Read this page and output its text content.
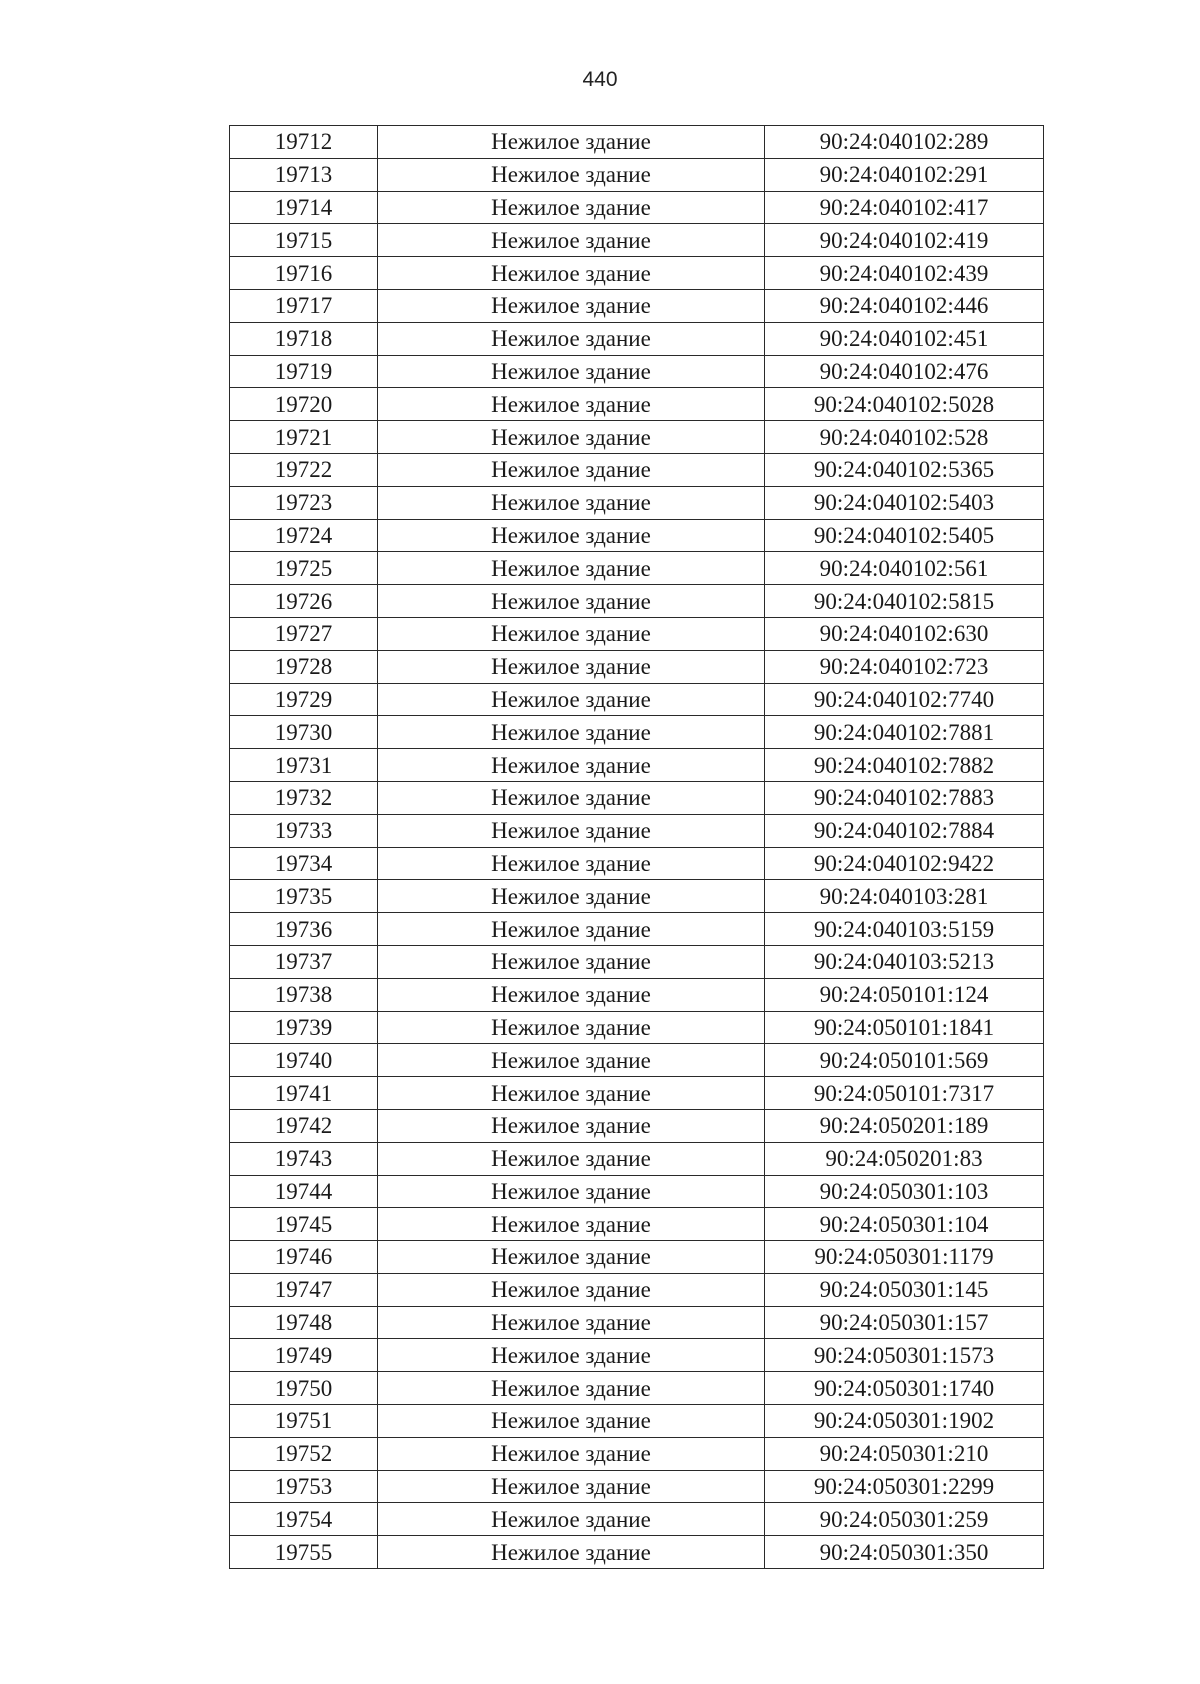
440
19712	Нежилое здание	90:24:040102:289
19713	Нежилое здание	90:24:040102:291
19714	Нежилое здание	90:24:040102:417
19715	Нежилое здание	90:24:040102:419
19716	Нежилое здание	90:24:040102:439
19717	Нежилое здание	90:24:040102:446
19718	Нежилое здание	90:24:040102:451
19719	Нежилое здание	90:24:040102:476
19720	Нежилое здание	90:24:040102:5028
19721	Нежилое здание	90:24:040102:528
19722	Нежилое здание	90:24:040102:5365
19723	Нежилое здание	90:24:040102:5403
19724	Нежилое здание	90:24:040102:5405
19725	Нежилое здание	90:24:040102:561
19726	Нежилое здание	90:24:040102:5815
19727	Нежилое здание	90:24:040102:630
19728	Нежилое здание	90:24:040102:723
19729	Нежилое здание	90:24:040102:7740
19730	Нежилое здание	90:24:040102:7881
19731	Нежилое здание	90:24:040102:7882
19732	Нежилое здание	90:24:040102:7883
19733	Нежилое здание	90:24:040102:7884
19734	Нежилое здание	90:24:040102:9422
19735	Нежилое здание	90:24:040103:281
19736	Нежилое здание	90:24:040103:5159
19737	Нежилое здание	90:24:040103:5213
19738	Нежилое здание	90:24:050101:124
19739	Нежилое здание	90:24:050101:1841
19740	Нежилое здание	90:24:050101:569
19741	Нежилое здание	90:24:050101:7317
19742	Нежилое здание	90:24:050201:189
19743	Нежилое здание	90:24:050201:83
19744	Нежилое здание	90:24:050301:103
19745	Нежилое здание	90:24:050301:104
19746	Нежилое здание	90:24:050301:1179
19747	Нежилое здание	90:24:050301:145
19748	Нежилое здание	90:24:050301:157
19749	Нежилое здание	90:24:050301:1573
19750	Нежилое здание	90:24:050301:1740
19751	Нежилое здание	90:24:050301:1902
19752	Нежилое здание	90:24:050301:210
19753	Нежилое здание	90:24:050301:2299
19754	Нежилое здание	90:24:050301:259
19755	Нежилое здание	90:24:050301:350
